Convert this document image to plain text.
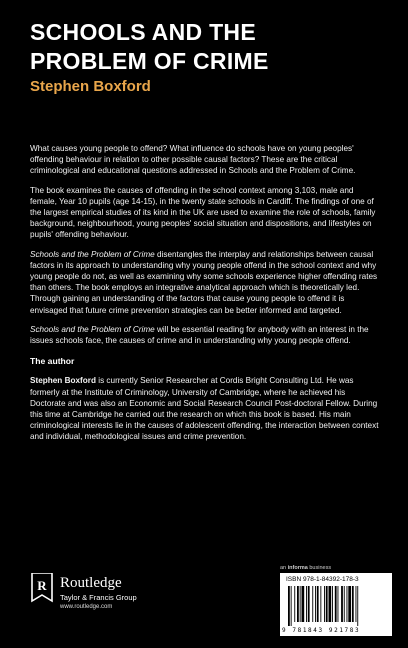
SCHOOLS AND THE
PROBLEM OF CRIME
Stephen Boxford

What causes young people to offend? What influence do schools have on young peoples' offending behaviour in relation to other possible causal factors? These are the critical criminological and educational questions addressed in Schools and the Problem of Crime.

The book examines the causes of offending in the school context among 3,103, male and female, Year 10 pupils (age 14-15), in the twenty state schools in Cardiff. The findings of one of the largest empirical studies of its kind in the UK are used to examine the role of schools, family background, neighbourhood, young peoples' social situation and dispositions, and lifestyles on pupils' offending behaviour.

Schools and the Problem of Crime disentangles the interplay and relationships between causal factors in its approach to understanding why young people offend in the school context and why young people do not, as well as examining why some schools experience higher offending rates than others. The book employs an integrative analytical approach which is theoretically led. Through gaining an understanding of the factors that cause young people to offend it is envisaged that future crime prevention strategies can be better informed and targeted.

Schools and the Problem of Crime will be essential reading for anybody with an interest in the issues schools face, the causes of crime and in understanding why young people offend.

The author

Stephen Boxford is currently Senior Researcher at Cordis Bright Consulting Ltd. He was formerly at the Institute of Criminology, University of Cambridge, where he achieved his Doctorate and was also an Economic and Social Research Council Post-doctoral Fellow. During this time at Cambridge he carried out the research on which this book is based. His main criminological interests lie in the causes of adolescent offending, the interaction between context and individual, methodological issues and crime prevention.

R Routledge
Taylor & Francis Group
www.routledge.com
an informa business
ISBN 978-1-84392-178-3
9 781843 921783
